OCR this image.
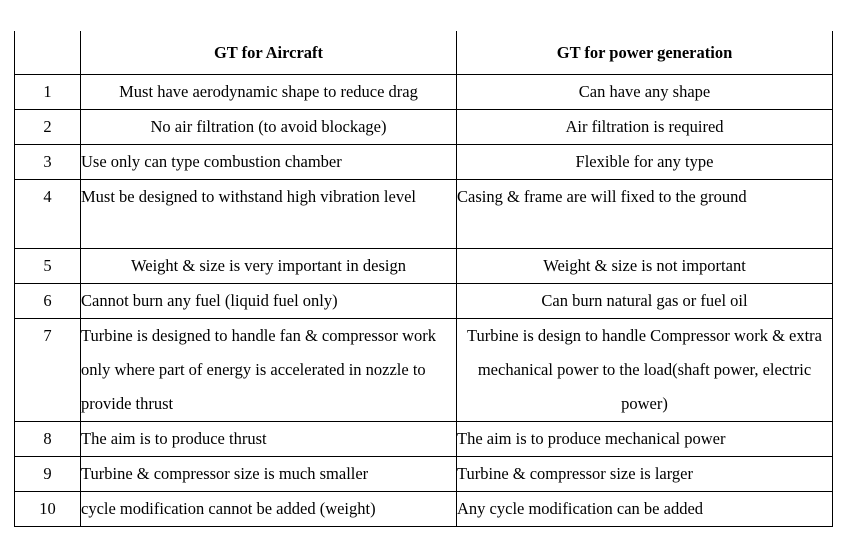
	GT for Aircraft	GT for power generation
1	Must have aerodynamic shape to reduce drag	Can have any shape
2	No air filtration (to avoid blockage)	Air filtration is required
3	Use only can type combustion chamber	Flexible for any type
4	Must be designed to withstand high vibration level	Casing & frame are will fixed to the ground
5	Weight & size is very important in design	Weight & size is not important
6	Cannot burn any fuel (liquid fuel only)	Can burn natural gas or fuel oil
7	Turbine is designed to handle fan & compressor work only where part of energy is accelerated in nozzle to provide thrust	Turbine is design to handle Compressor work & extra mechanical power to the load(shaft power, electric power)
8	The aim is to produce thrust	The aim is to produce mechanical power
9	Turbine & compressor size is much smaller	Turbine & compressor size is larger
10	cycle modification cannot be added (weight)	Any cycle modification can be added
